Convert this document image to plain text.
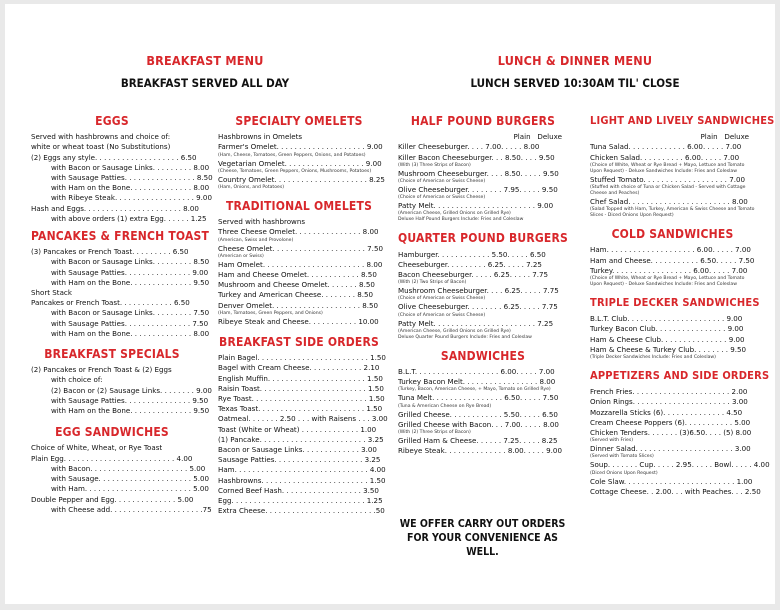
BREAKFAST MENU
BREAKFAST SERVED ALL DAY
LUNCH & DINNER MENU
LUNCH SERVED 10:30AM TIL' CLOSE
EGGS
Served with hashbrowns and choice of:
white or wheat toast (No Substitutions)
(2) Eggs any style. . . . . . . . . . . . . . . . . . . 6.50
with Bacon or Sausage Links. . . . . . . . . 8.00
with Sausage Patties. . . . . . . . . . . . . . . . 8.50
with Ham on the Bone. . . . . . . . . . . . . . 8.00
with Ribeye Steak. . . . . . . . . . . . . . . . . . 9.00
Hash and Eggs. . . . . . . . . . . . . . . . . . . . . . 8.00
with above orders (1) extra Egg. . . . . . 1.25
PANCAKES & FRENCH TOAST
(3) Pancakes or French Toast. . . . . . . . . 6.50
with Bacon or Sausage Links. . . . . . . . . 8.50
with Sausage Patties. . . . . . . . . . . . . . . 9.00
with Ham on the Bone. . . . . . . . . . . . . . 9.50
Short Stack
Pancakes or French Toast. . . . . . . . . . . . 6.50
with Bacon or Sausage Links. . . . . . . . . 7.50
with Sausage Patties. . . . . . . . . . . . . . . 7.50
with Ham on the Bone. . . . . . . . . . . . . . 8.00
BREAKFAST SPECIALS
(2) Pancakes or French Toast & (2) Eggs
with choice of:
(2) Bacon or (2) Sausage Links. . . . . . . . 9.00
with Sausage Patties. . . . . . . . . . . . . . . 9.50
with Ham on the Bone. . . . . . . . . . . . . . 9.50
EGG SANDWICHES
Choice of White, Wheat, or Rye Toast
Plain Egg. . . . . . . . . . . . . . . . . . . . . . . . . 4.00
with Bacon. . . . . . . . . . . . . . . . . . . . . . 5.00
with Sausage. . . . . . . . . . . . . . . . . . . . . 5.00
with Ham. . . . . . . . . . . . . . . . . . . . . . . . 5.00
Double Pepper and Egg. . . . . . . . . . . . . . 5.00
with Cheese add. . . . . . . . . . . . . . . . . . . . .75
SPECIALTY OMELETS
Hashbrowns in Omelets
Farmer's Omelet. . . . . . . . . . . . . . . . . . . . 9.00
(Ham, Cheese, Tomatoes, Green Peppers, Onions, and Potatoes)
Vegetarian Omelet. . . . . . . . . . . . . . . . . . 9.00
(Cheese, Tomatoes, Green Peppers, Onions, Mushrooms, Potatoes)
Country Omelet. . . . . . . . . . . . . . . . . . . . . 8.25
(Ham, Onions, and Potatoes)
TRADITIONAL OMELETS
Served with hashbrowns
Three Cheese Omelet. . . . . . . . . . . . . . . 8.00
(American, Swiss and Provolone)
Cheese Omelet. . . . . . . . . . . . . . . . . . . . . 7.50
(American or Swiss)
Ham Omelet. . . . . . . . . . . . . . . . . . . . . . . 8.00
Ham and Cheese Omelet. . . . . . . . . . . . 8.50
Mushroom and Cheese Omelet. . . . . . . 8.50
Turkey and American Cheese. . . . . . . . 8.50
Denver Omelet. . . . . . . . . . . . . . . . . . . . 8.50
(Ham, Tomatoes, Green Peppers, and Onions)
Ribeye Steak and Cheese. . . . . . . . . . . 10.00
BREAKFAST SIDE ORDERS
Plain Bagel. . . . . . . . . . . . . . . . . . . . . . . . . 1.50
Bagel with Cream Cheese. . . . . . . . . . . . 2.10
English Muffin. . . . . . . . . . . . . . . . . . . . . . 1.50
Raisin Toast. . . . . . . . . . . . . . . . . . . . . . . . 1.50
Rye Toast. . . . . . . . . . . . . . . . . . . . . . . . . . 1.50
Texas Toast. . . . . . . . . . . . . . . . . . . . . . . . 1.50
Oatmeal. . . . . . . 2.50 . . . with Raisens . . . 3.00
Toast (White or Wheat) . . . . . . . . . . . . . 1.00
(1) Pancake. . . . . . . . . . . . . . . . . . . . . . . . 3.25
Bacon or Sausage Links. . . . . . . . . . . . . 3.00
Sausage Patties. . . . . . . . . . . . . . . . . . . . 3.25
Ham. . . . . . . . . . . . . . . . . . . . . . . . . . . . . . 4.00
Hashbrowns. . . . . . . . . . . . . . . . . . . . . . . . 1.50
Corned Beef Hash. . . . . . . . . . . . . . . . . . 3.50
Egg. . . . . . . . . . . . . . . . . . . . . . . . . . . . . . 1.25
Extra Cheese. . . . . . . . . . . . . . . . . . . . . . . . .50
HALF POUND BURGERS
Plain   Deluxe
Killer Cheeseburger. . . . 7.00. . . . . 8.00
Killer Bacon Cheeseburger. . . 8.50. . . . 9.50
(With (3) Three Strips of Bacon)
Mushroom Cheeseburger. . . . 8.50. . . . . 9.50
(Choice of American or Swiss Cheese)
Olive Cheeseburger. . . . . . . . 7.95. . . . . 9.50
(Choice of American or Swiss Cheese)
Patty Melt. . . . . . . . . . . . . . . . . . . . . . . 9.00
(American Cheese, Grilled Onions on Grilled Rye)
Deluxe Half Pound Burgers Include: Fries and Coleslaw
QUARTER POUND BURGERS
Hamburger. . . . . . . . . . . . 5.50. . . . . 6.50
Cheeseburger. . . . . . . . . 6.25. . . . . 7.25
Bacon Cheeseburger. . . . . 6.25. . . . . 7.75
(With (2) Two Strips of Bacon)
Mushroom Cheeseburger. . . . 6.25. . . . . 7.75
(Choice of American or Swiss Cheese)
Olive Cheeseburger. . . . . . . . 6.25. . . . . 7.75
(Choice of American or Swiss Cheese)
Patty Melt. . . . . . . . . . . . . . . . . . . . . . . 7.25
(American Cheese, Grilled Onions on Grilled Rye)
Deluxe Quarter Pound Burgers Include: Fries and Coleslaw
SANDWICHES
B.L.T. . . . . . . . . . . . . . . . . . . 6.00. . . . . 7.00
Turkey Bacon Melt. . . . . . . . . . . . . . . . . 8.00
(Turkey, Bacon, American Cheese, + Mayo, Tomato on Grilled Rye)
Tuna Melt. . . . . . . . . . . . . . . . 6.50. . . . . 7.50
(Tuna & American Cheese on Rye Bread)
Grilled Cheese. . . . . . . . . . . . 5.50. . . . . 6.50
Grilled Cheese with Bacon. . . 7.00. . . . . 8.00
(With (2) Three Strips of Bacon)
Grilled Ham & Cheese. . . . . . 7.25. . . . . 8.25
Ribeye Steak. . . . . . . . . . . . . . 8.00. . . . . 9.00
WE OFFER CARRY OUT ORDERS
FOR YOUR CONVENIENCE AS WELL.
LIGHT AND LIVELY SANDWICHES
Plain   Deluxe
Tuna Salad. . . . . . . . . . . . . 6.00. . . . . 7.00
Chicken Salad. . . . . . . . . . 6.00. . . . . 7.00
(Choice of White, Wheat or Rye Bread + Mayo, Lettuce and Tomato Upon Request) - Deluxe Sandwiches Include: Fries and Coleslaw
Stuffed Tomato. . . . . . . . . . . . . . . . . . . 7.00
(Stuffed with choice of Tuna or Chicken Salad - Served with Cottage Cheese and Peaches)
Chef Salad. . . . . . . . . . . . . . . . . . . . . . . 8.00
(Salad Topped with Ham, Turkey, American & Swiss Cheese and Tomato Slices - Diced Onions Upon Request)
COLD SANDWICHES
Ham. . . . . . . . . . . . . . . . . . . . 6.00. . . . . 7.00
Ham and Cheese. . . . . . . . . . . 6.50. . . . . 7.50
Turkey. . . . . . . . . . . . . . . . . . 6.00. . . . . 7.00
(Choice of White, Wheat or Rye Bread + Mayo, Lettuce and Tomato Upon Request) - Deluxe Sandwiches Include: Fries and Coleslaw
TRIPLE DECKER SANDWICHES
B.L.T. Club. . . . . . . . . . . . . . . . . . . . . . 9.00
Turkey Bacon Club. . . . . . . . . . . . . . . . 9.00
Ham & Cheese Club. . . . . . . . . . . . . . . 9.00
Ham & Cheese & Turkey Club. . . . . . . . 9.50
(Triple Decker Sandwiches Include: Fries and Coleslaw)
APPETIZERS AND SIDE ORDERS
French Fries. . . . . . . . . . . . . . . . . . . . . . 2.00
Onion Rings. . . . . . . . . . . . . . . . . . . . . . 3.00
Mozzarella Sticks (6). . . . . . . . . . . . . . 4.50
Cream Cheese Poppers (6). . . . . . . . . . . 5.00
Chicken Tenders. . . . . . . (3)6.50. . . . (5) 8.00
(Served with Fries)
Dinner Salad. . . . . . . . . . . . . . . . . . . . . . 3.00
(Served with Tomato Slices)
Soup. . . . . . . Cup. . . . . 2.95. . . . . Bowl. . . . . 4.00
(Diced Onions Upon Request)
Cole Slaw. . . . . . . . . . . . . . . . . . . . . . . . . 1.00
Cottage Cheese. . 2.00. . . with Peaches. . . 2.50
